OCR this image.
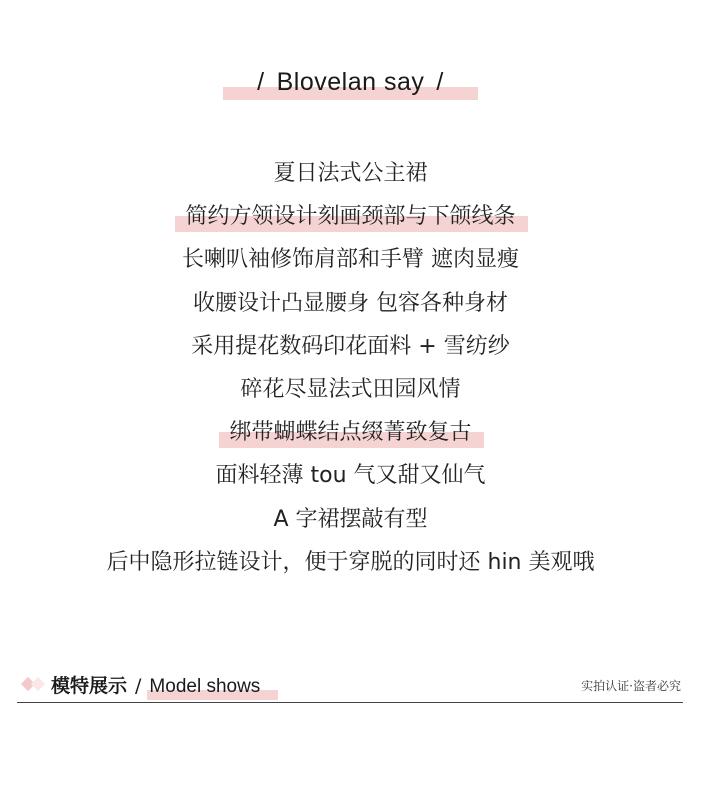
/ Blovelan say /
夏日法式公主裙
简约方领设计刻画颈部与下颌线条
长喇叭袖修饰肩部和手臂 遮肉显瘦
收腰设计凸显腰身 包容各种身材
采用提花数码印花面料 + 雪纺纱
碎花尽显法式田园风情
绑带蝴蝶结点缀菁致复古
面料轻薄 tou 气又甜又仙气
A 字裙摆敲有型
后中隐形拉链设计，便于穿脱的同时还 hin 美观哦
模特展示 / Model shows	实拍认证·盗者必究
